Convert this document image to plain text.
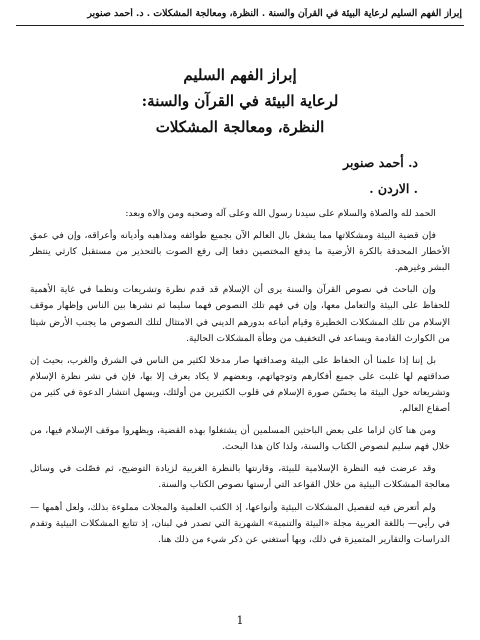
إبراز الفهم السليم لرعاية البيئة في القرآن والسنة . النظرة، ومعالجة المشكلات . د. أحمد صنوبر
إبراز الفهم السليم
لرعاية البيئة في القرآن والسنة:
النظرة، ومعالجة المشكلات
د. أحمد صنوبر
. الاردن .

الحمد لله والصلاة والسلام على سيدنا رسول الله وعلى آله وصحبه ومن والاه وبعد:

فإن قضية البيئة ومشكلاتها مما يشغل بال العالم الآن بجميع طوائفه ومذاهبه وأديانه وأعراقه، وإن في عمق الأخطار المحدقة بالكرة الأرضية ما يدفع المختصين دفعا إلى رفع الصوت بالتحذير من مستقبل كارثي ينتظر البشر وغيرهم.

وإن الباحث في نصوص القرآن والسنة يرى أن الإسلام قد قدم نظرة وتشريعات ونظما في غاية الأهمية للحفاظ على البيئة والتعامل معها، وإن في فهم تلك النصوص فهما سليما ثم نشرها بين الناس وإظهار موقف الإسلام من تلك المشكلات الخطيرة وقيام أتباعه بدورهم الديني في الامتثال لتلك النصوص ما يجنب الأرض شيئا من الكوارث القادمة ويساعد في التخفيف من وطأة المشكلات الحالية.

بل إننا إذا علمنا أن الحفاظ على البيئة وصداقتها صار مدخلا لكثير من الناس في الشرق والغرب، بحيث إن صداقتهم لها غلبت على جميع أفكارهم وتوجهاتهم، وبعضهم لا يكاد يعرف إلا بها، فإن في نشر نظرة الإسلام وتشريعاته حول البيئة ما يحسّن صورة الإسلام في قلوب الكثيرين من أولئك، ويسهل انتشار الدعوة في كثير من أصقاع العالم.

ومن هنا كان لزاما على بعض الباحثين المسلمين أن يشتغلوا بهذه القضية، ويظهروا موقف الإسلام فيها، من خلال فهم سليم لنصوص الكتاب والسنة، ولذا كان هذا البحث.

وقد عرضت فيه النظرة الإسلامية للبيئة، وقارنتها بالنظرة الغربية لزيادة التوضيح، ثم فصّلت في وسائل معالجة المشكلات البيئية من خلال القواعد التي أرستها نصوص الكتاب والسنة.

ولم أتعرض فيه لتفصيل المشكلات البيئية وأنواعها، إذ الكتب العلمية والمجلات مملوءة بذلك، ولعل أهمها —في رأيي— باللغة العربية مجلة «البيئة والتنمية» الشهرية التي تصدر في لبنان، إذ تتابع المشكلات البيئية وتقدم الدراسات والتقارير المتميزة في ذلك، وبها أستغني عن ذكر شيء من ذلك هنا.

1
